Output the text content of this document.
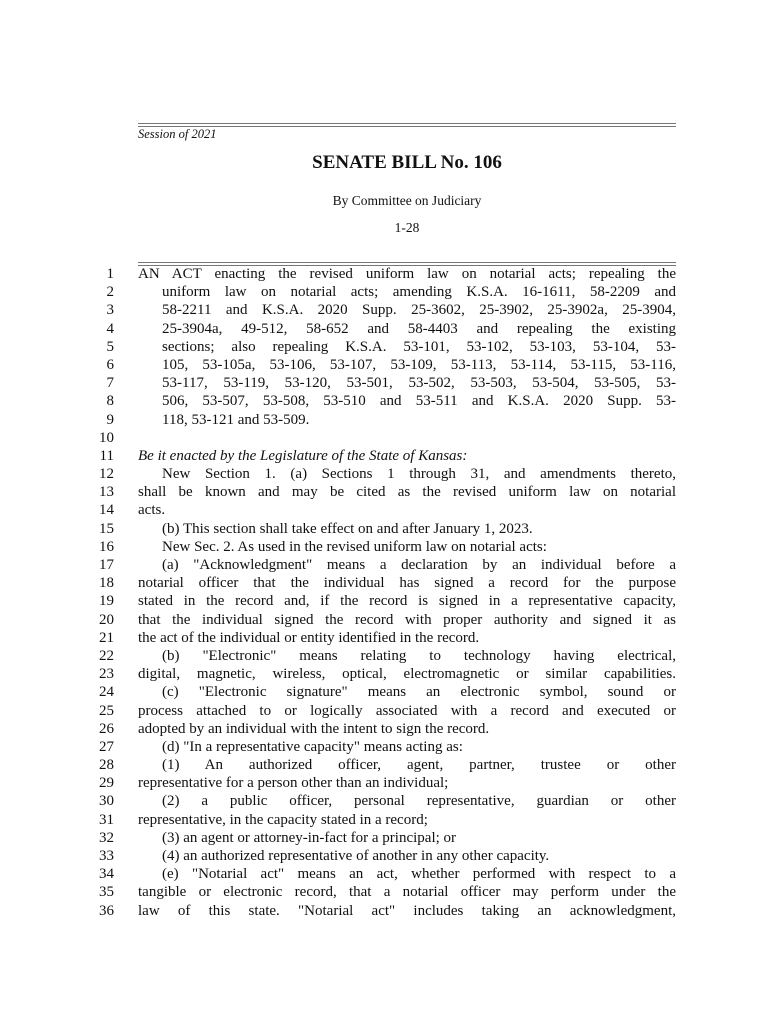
Session of 2021
SENATE BILL No. 106
By Committee on Judiciary
1-28
1 AN ACT enacting the revised uniform law on notarial acts; repealing the
2	uniform law on notarial acts; amending K.S.A. 16-1611, 58-2209 and
3	58-2211 and K.S.A. 2020 Supp. 25-3602, 25-3902, 25-3902a, 25-3904,
4	25-3904a, 49-512, 58-652 and 58-4403 and repealing the existing
5	sections; also repealing K.S.A. 53-101, 53-102, 53-103, 53-104, 53-
6	105, 53-105a, 53-106, 53-107, 53-109, 53-113, 53-114, 53-115, 53-116,
7	53-117, 53-119, 53-120, 53-501, 53-502, 53-503, 53-504, 53-505, 53-
8	506, 53-507, 53-508, 53-510 and 53-511 and K.S.A. 2020 Supp. 53-
9	118, 53-121 and 53-509.
10
11 Be it enacted by the Legislature of the State of Kansas:
12	New Section 1. (a) Sections 1 through 31, and amendments thereto,
13 shall be known and may be cited as the revised uniform law on notarial
14 acts.
15	(b) This section shall take effect on and after January 1, 2023.
16	New Sec. 2. As used in the revised uniform law on notarial acts:
17	(a) "Acknowledgment" means a declaration by an individual before a
18 notarial officer that the individual has signed a record for the purpose
19 stated in the record and, if the record is signed in a representative capacity,
20 that the individual signed the record with proper authority and signed it as
21 the act of the individual or entity identified in the record.
22	(b) "Electronic" means relating to technology having electrical,
23 digital, magnetic, wireless, optical, electromagnetic or similar capabilities.
24	(c) "Electronic signature" means an electronic symbol, sound or
25 process attached to or logically associated with a record and executed or
26 adopted by an individual with the intent to sign the record.
27	(d) "In a representative capacity" means acting as:
28	(1) An authorized officer, agent, partner, trustee or other
29 representative for a person other than an individual;
30	(2) a public officer, personal representative, guardian or other
31 representative, in the capacity stated in a record;
32	(3) an agent or attorney-in-fact for a principal; or
33	(4) an authorized representative of another in any other capacity.
34	(e) "Notarial act" means an act, whether performed with respect to a
35 tangible or electronic record, that a notarial officer may perform under the
36 law of this state. "Notarial act" includes taking an acknowledgment,
